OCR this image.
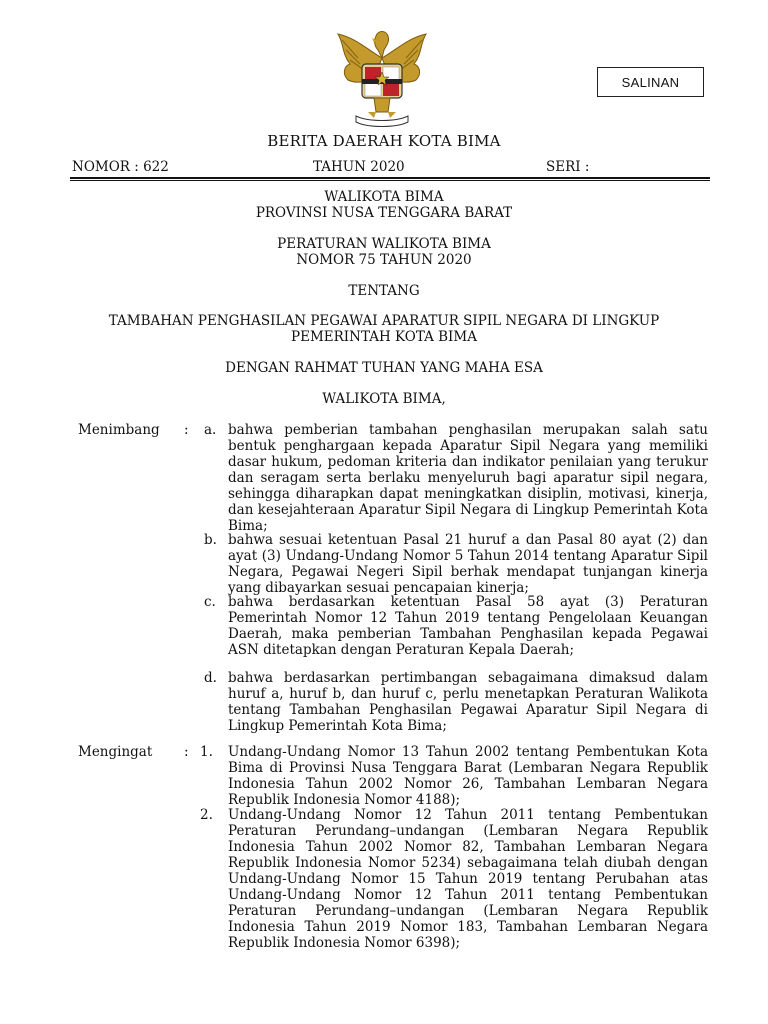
SALINAN
BERITA DAERAH KOTA BIMA
NOMOR : 622	TAHUN 2020	SERI :
WALIKOTA BIMA
PROVINSI NUSA TENGGARA BARAT
PERATURAN WALIKOTA BIMA
NOMOR 75 TAHUN 2020
TENTANG
TAMBAHAN PENGHASILAN PEGAWAI APARATUR SIPIL NEGARA DI LINGKUP
PEMERINTAH KOTA BIMA
DENGAN RAHMAT TUHAN YANG MAHA ESA
WALIKOTA BIMA,
Menimbang : a. bahwa pemberian tambahan penghasilan merupakan salah satu bentuk penghargaan kepada Aparatur Sipil Negara yang memiliki dasar hukum, pedoman kriteria dan indikator penilaian yang terukur dan seragam serta berlaku menyeluruh bagi aparatur sipil negara, sehingga diharapkan dapat meningkatkan disiplin, motivasi, kinerja, dan kesejahteraan Aparatur Sipil Negara di Lingkup Pemerintah Kota Bima;
b. bahwa sesuai ketentuan Pasal 21 huruf a dan Pasal 80 ayat (2) dan ayat (3) Undang-Undang Nomor 5 Tahun 2014 tentang Aparatur Sipil Negara, Pegawai Negeri Sipil berhak mendapat tunjangan kinerja yang dibayarkan sesuai pencapaian kinerja;
c. bahwa berdasarkan ketentuan Pasal 58 ayat (3) Peraturan Pemerintah Nomor 12 Tahun 2019 tentang Pengelolaan Keuangan Daerah, maka pemberian Tambahan Penghasilan kepada Pegawai ASN ditetapkan dengan Peraturan Kepala Daerah;
d. bahwa berdasarkan pertimbangan sebagaimana dimaksud dalam huruf a, huruf b, dan huruf c, perlu menetapkan Peraturan Walikota tentang Tambahan Penghasilan Pegawai Aparatur Sipil Negara di Lingkup Pemerintah Kota Bima;
Mengingat : 1. Undang-Undang Nomor 13 Tahun 2002 tentang Pembentukan Kota Bima di Provinsi Nusa Tenggara Barat (Lembaran Negara Republik Indonesia Tahun 2002 Nomor 26, Tambahan Lembaran Negara Republik Indonesia Nomor 4188);
2. Undang-Undang Nomor 12 Tahun 2011 tentang Pembentukan Peraturan Perundang–undangan (Lembaran Negara Republik Indonesia Tahun 2002 Nomor 82, Tambahan Lembaran Negara Republik Indonesia Nomor 5234) sebagaimana telah diubah dengan Undang-Undang Nomor 15 Tahun 2019 tentang Perubahan atas Undang-Undang Nomor 12 Tahun 2011 tentang Pembentukan Peraturan Perundang–undangan (Lembaran Negara Republik Indonesia Tahun 2019 Nomor 183, Tambahan Lembaran Negara Republik Indonesia Nomor 6398);
